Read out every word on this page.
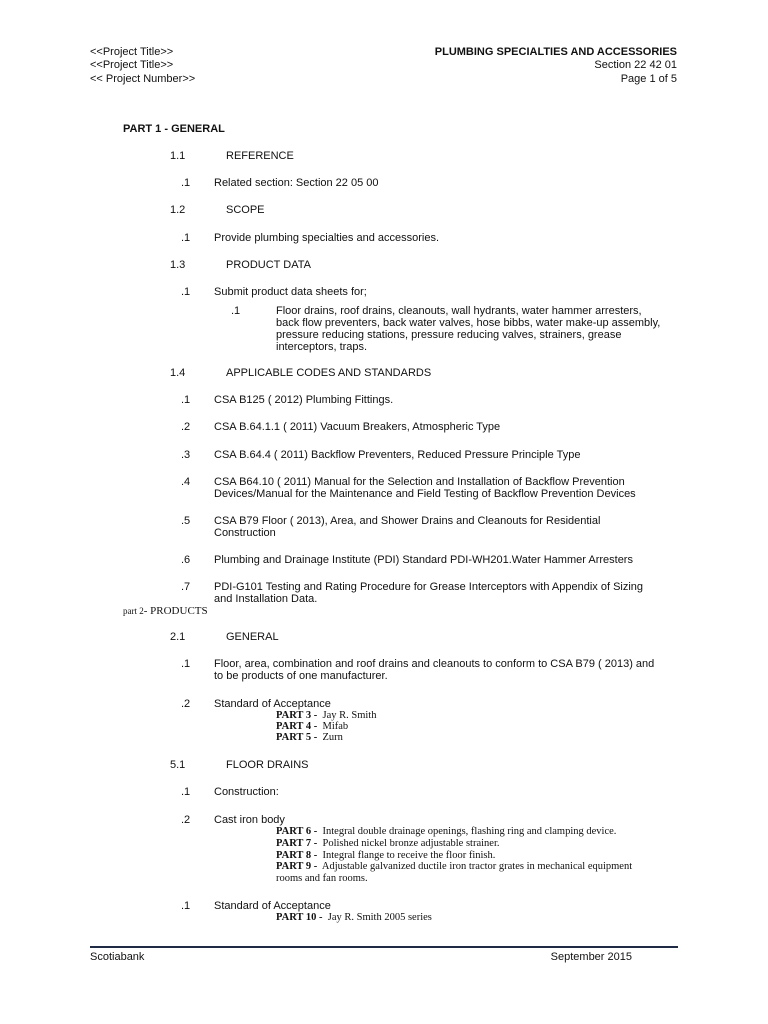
<<Project Title>>
<<Project Title>>
<< Project Number>>
PLUMBING SPECIALTIES AND ACCESSORIES
Section 22 42 01
Page 1 of 5
PART 1 - GENERAL
1.1	REFERENCE
.1 Related section: Section 22 05 00
1.2	SCOPE
.1 Provide plumbing specialties and accessories.
1.3	PRODUCT DATA
.1 Submit product data sheets for;
.1	Floor drains, roof drains, cleanouts, wall hydrants, water hammer arresters,
back flow preventers, back water valves, hose bibbs, water make-up assembly,
pressure reducing stations, pressure reducing valves, strainers, grease
interceptors, traps.
1.4	APPLICABLE CODES AND STANDARDS
.1 CSA B125 ( 2012) Plumbing Fittings.
.2 CSA B.64.1.1 ( 2011) Vacuum Breakers, Atmospheric Type
.3 CSA B.64.4 ( 2011) Backflow Preventers, Reduced Pressure Principle Type
.4 CSA B64.10 ( 2011) Manual for the Selection and Installation of Backflow Prevention
Devices/Manual for the Maintenance and Field Testing of Backflow Prevention Devices
.5 CSA B79 Floor ( 2013), Area, and Shower Drains and Cleanouts for Residential
Construction
.6 Plumbing and Drainage Institute (PDI) Standard PDI-WH201.Water Hammer Arresters
.7 PDI-G101 Testing and Rating Procedure for Grease Interceptors with Appendix of Sizing
and Installation Data.
part 2- PRODUCTS
2.1	GENERAL
.1 Floor, area, combination and roof drains and cleanouts to conform to CSA B79 ( 2013) and
to be products of one manufacturer.
.2 Standard of Acceptance
PART 3 - Jay R. Smith
PART 4 - Mifab
PART 5 - Zurn
5.1	FLOOR DRAINS
.1 Construction:
.2 Cast iron body
PART 6 - Integral double drainage openings, flashing ring and clamping device.
PART 7 - Polished nickel bronze adjustable strainer.
PART 8 - Integral flange to receive the floor finish.
PART 9 - Adjustable galvanized ductile iron tractor grates in mechanical equipment
rooms and fan rooms.
.1 Standard of Acceptance
PART 10 - Jay R. Smith 2005 series
Scotiabank	September 2015
